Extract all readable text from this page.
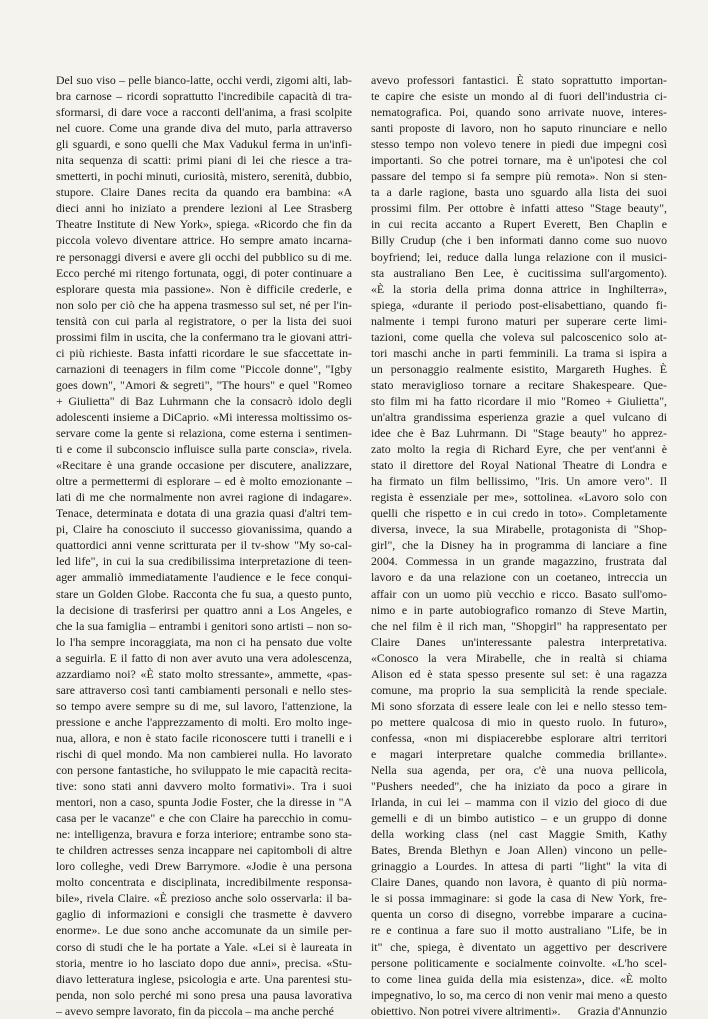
Del suo viso – pelle bianco-latte, occhi verdi, zigomi alti, lab-
bra carnose – ricordi soprattutto l'incredibile capacità di tra-
sformarsi, di dare voce a racconti dell'anima, a frasi scolpite
nel cuore. Come una grande diva del muto, parla attraverso
gli sguardi, e sono quelli che Max Vadukul ferma in un'infi-
nita sequenza di scatti: primi piani di lei che riesce a tra-
smetterti, in pochi minuti, curiosità, mistero, serenità, dubbio,
stupore. Claire Danes recita da quando era bambina: «A
dieci anni ho iniziato a prendere lezioni al Lee Strasberg
Theatre Institute di New York», spiega. «Ricordo che fin da
piccola volevo diventare attrice. Ho sempre amato incarna-
re personaggi diversi e avere gli occhi del pubblico su di me.
Ecco perché mi ritengo fortunata, oggi, di poter continuare a
esplorare questa mia passione». Non è difficile crederle, e
non solo per ciò che ha appena trasmesso sul set, né per l'in-
tensità con cui parla al registratore, o per la lista dei suoi
prossimi film in uscita, che la confermano tra le giovani attri-
ci più richieste. Basta infatti ricordare le sue sfaccettate in-
carnazioni di teenagers in film come "Piccole donne", "Igby
goes down", "Amori & segreti", "The hours" e quel "Romeo
+ Giulietta" di Baz Luhrmann che la consacrò idolo degli
adolescenti insieme a DiCaprio. «Mi interessa moltissimo os-
servare come la gente si relaziona, come esterna i sentimen-
ti e come il subconscio influisce sulla parte conscia», rivela.
«Recitare è una grande occasione per discutere, analizzare,
oltre a permettermi di esplorare – ed è molto emozionante –
lati di me che normalmente non avrei ragione di indagare».
Tenace, determinata e dotata di una grazia quasi d'altri tem-
pi, Claire ha conosciuto il successo giovanissima, quando a
quattordici anni venne scritturata per il tv-show "My so-cal-
led life", in cui la sua credibilissima interpretazione di teen-
ager ammaliò immediatamente l'audience e le fece conqui-
stare un Golden Globe. Racconta che fu sua, a questo punto,
la decisione di trasferirsi per quattro anni a Los Angeles, e
che la sua famiglia – entrambi i genitori sono artisti – non so-
lo l'ha sempre incoraggiata, ma non ci ha pensato due volte
a seguirla. E il fatto di non aver avuto una vera adolescenza,
azzardiamo noi? «È stato molto stressante», ammette, «pas-
sare attraverso così tanti cambiamenti personali e nello stes-
so tempo avere sempre su di me, sul lavoro, l'attenzione, la
pressione e anche l'apprezzamento di molti. Ero molto inge-
nua, allora, e non è stato facile riconoscere tutti i tranelli e i
rischi di quel mondo. Ma non cambierei nulla. Ho lavorato
con persone fantastiche, ho sviluppato le mie capacità recita-
tive: sono stati anni davvero molto formativi». Tra i suoi
mentori, non a caso, spunta Jodie Foster, che la diresse in "A
casa per le vacanze" e che con Claire ha parecchio in comu-
ne: intelligenza, bravura e forza interiore; entrambe sono sta-
te children actresses senza incappare nei capitomboli di altre
loro colleghe, vedi Drew Barrymore. «Jodie è una persona
molto concentrata e disciplinata, incredibilmente responsa-
bile», rivela Claire. «È prezioso anche solo osservarla: il ba-
gaglio di informazioni e consigli che trasmette è davvero
enorme». Le due sono anche accomunate da un simile per-
corso di studi che le ha portate a Yale. «Lei si è laureata in
storia, mentre io ho lasciato dopo due anni», precisa. «Stu-
diavo letteratura inglese, psicologia e arte. Una parentesi stu-
penda, non solo perché mi sono presa una pausa lavorativa
– avevo sempre lavorato, fin da piccola – ma anche perché
avevo professori fantastici. È stato soprattutto importan-
te capire che esiste un mondo al di fuori dell'industria ci-
nematografica. Poi, quando sono arrivate nuove, interes-
santi proposte di lavoro, non ho saputo rinunciare e nello
stesso tempo non volevo tenere in piedi due impegni così
importanti. So che potrei tornare, ma è un'ipotesi che col
passare del tempo si fa sempre più remota». Non si sten-
ta a darle ragione, basta uno sguardo alla lista dei suoi
prossimi film. Per ottobre è infatti atteso "Stage beauty",
in cui recita accanto a Rupert Everett, Ben Chaplin e
Billy Crudup (che i ben informati danno come suo nuovo
boyfriend; lei, reduce dalla lunga relazione con il musici-
sta australiano Ben Lee, è cucitissima sull'argomento).
«È la storia della prima donna attrice in Inghilterra»,
spiega, «durante il periodo post-elisabettiano, quando fi-
nalmente i tempi furono maturi per superare certe limi-
tazioni, come quella che voleva sul palcoscenico solo at-
tori maschi anche in parti femminili. La trama si ispira a
un personaggio realmente esistito, Margareth Hughes. È
stato meraviglioso tornare a recitare Shakespeare. Que-
sto film mi ha fatto ricordare il mio "Romeo + Giulietta",
un'altra grandissima esperienza grazie a quel vulcano di
idee che è Baz Luhrmann. Di "Stage beauty" ho apprez-
zato molto la regia di Richard Eyre, che per vent'anni è
stato il direttore del Royal National Theatre di Londra e
ha firmato un film bellissimo, "Iris. Un amore vero". Il
regista è essenziale per me», sottolinea. «Lavoro solo con
quelli che rispetto e in cui credo in toto». Completamente
diversa, invece, la sua Mirabelle, protagonista di "Shop-
girl", che la Disney ha in programma di lanciare a fine
2004. Commessa in un grande magazzino, frustrata dal
lavoro e da una relazione con un coetaneo, intreccia un
affair con un uomo più vecchio e ricco. Basato sull'omo-
nimo e in parte autobiografico romanzo di Steve Martin,
che nel film è il rich man, "Shopgirl" ha rappresentato per
Claire Danes un'interessante palestra interpretativa.
«Conosco la vera Mirabelle, che in realtà si chiama
Alison ed è stata spesso presente sul set: è una ragazza
comune, ma proprio la sua semplicità la rende speciale.
Mi sono sforzata di essere leale con lei e nello stesso tem-
po mettere qualcosa di mio in questo ruolo. In futuro»,
confessa, «non mi dispiacerebbe esplorare altri territori
e magari interpretare qualche commedia brillante».
Nella sua agenda, per ora, c'è una nuova pellicola,
"Pushers needed", che ha iniziato da poco a girare in
Irlanda, in cui lei – mamma con il vizio del gioco di due
gemelli e di un bimbo autistico – e un gruppo di donne
della working class (nel cast Maggie Smith, Kathy
Bates, Brenda Blethyn e Joan Allen) vincono un pelle-
grinaggio a Lourdes. In attesa di parti "light" la vita di
Claire Danes, quando non lavora, è quanto di più norma-
le si possa immaginare: si gode la casa di New York, fre-
quenta un corso di disegno, vorrebbe imparare a cucina-
re e continua a fare suo il motto australiano "Life, be in
it" che, spiega, è diventato un aggettivo per descrivere
persone politicamente e socialmente coinvolte. «L'ho scel-
to come linea guida della mia esistenza», dice. «È molto
impegnativo, lo so, ma cerco di non venir mai meno a questo
obiettivo. Non potrei vivere altrimenti». Grazia d'Annunzio
